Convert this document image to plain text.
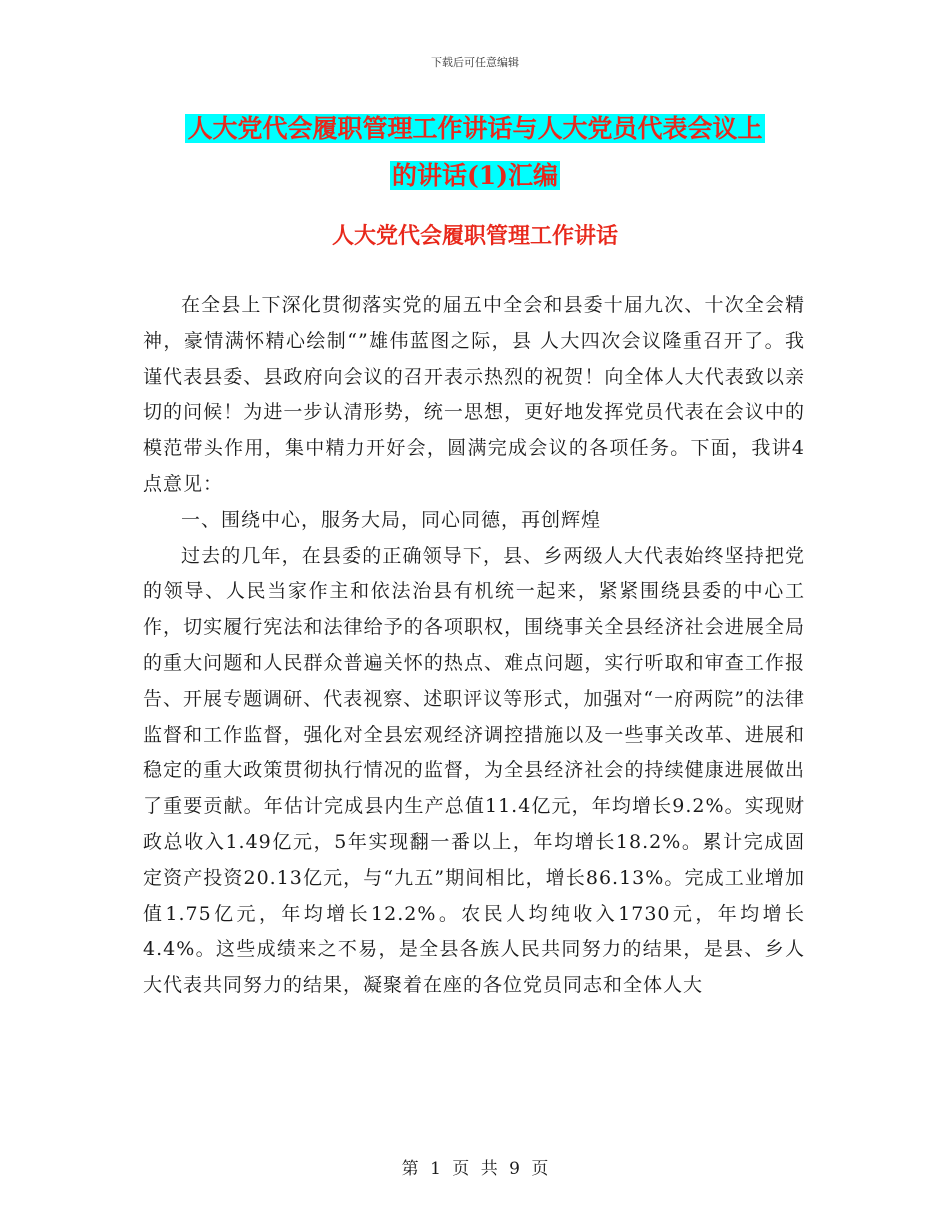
下载后可任意编辑
人大党代会履职管理工作讲话与人大党员代表会议上
的讲话(1)汇编
人大党代会履职管理工作讲话

在全县上下深化贯彻落实党的届五中全会和县委十届九次、十次全会精神，豪情满怀精心绘制“”雄伟蓝图之际，县 人大四次会议隆重召开了。我谨代表县委、县政府向会议的召开表示热烈的祝贺！向全体人大代表致以亲切的问候！为进一步认清形势，统一思想，更好地发挥党员代表在会议中的模范带头作用，集中精力开好会，圆满完成会议的各项任务。下面，我讲4点意见：

一、围绕中心，服务大局，同心同德，再创辉煌

过去的几年，在县委的正确领导下，县、乡两级人大代表始终坚持把党的领导、人民当家作主和依法治县有机统一起来，紧紧围绕县委的中心工作，切实履行宪法和法律给予的各项职权，围绕事关全县经济社会进展全局的重大问题和人民群众普遍关怀的热点、难点问题，实行听取和审查工作报告、开展专题调研、代表视察、述职评议等形式，加强对“一府两院”的法律监督和工作监督，强化对全县宏观经济调控措施以及一些事关改革、进展和稳定的重大政策贯彻执行情况的监督，为全县经济社会的持续健康进展做出了重要贡献。年估计完成县内生产总值11.4亿元，年均增长9.2%。实现财政总收入1.49亿元，5年实现翻一番以上，年均增长18.2%。累计完成固定资产投资20.13亿元，与“九五”期间相比，增长86.13%。完成工业增加值1.75亿元，年均增长12.2%。农民人均纯收入1730元，年均增长4.4%。这些成绩来之不易，是全县各族人民共同努力的结果，是县、乡人大代表共同努力的结果，凝聚着在座的各位党员同志和全体人大

第 1 页 共 9 页
